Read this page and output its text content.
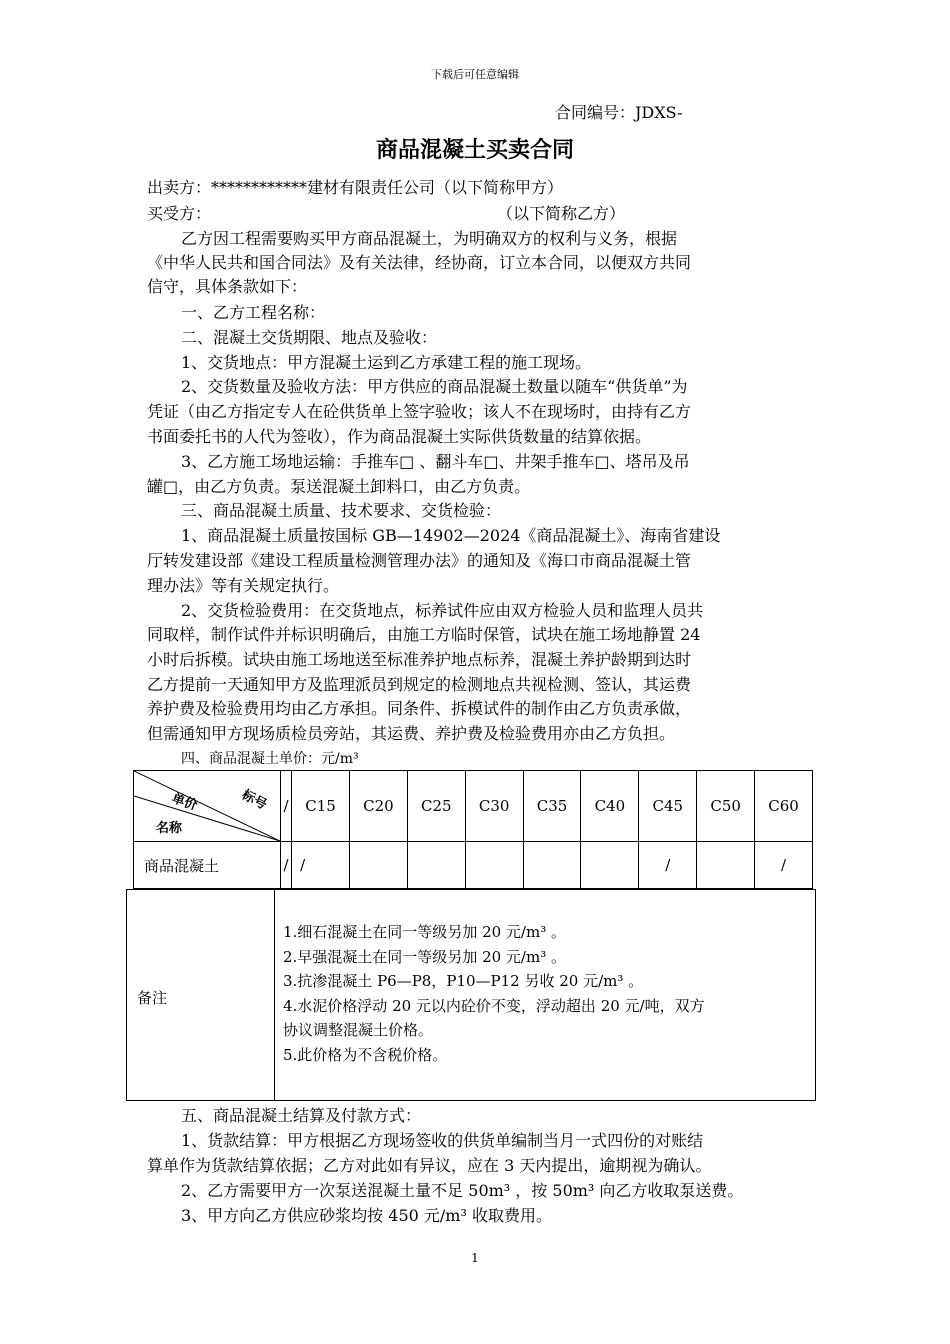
下载后可任意编辑
合同编号：JDXS-
商品混凝土买卖合同
出卖方：************建材有限责任公司（以下简称甲方）
买受方：	（以下简称乙方）
乙方因工程需要购买甲方商品混凝土，为明确双方的权利与义务，根据
《中华人民共和国合同法》及有关法律，经协商，订立本合同，以便双方共同
信守，具体条款如下：
一、乙方工程名称：
二、混凝土交货期限、地点及验收：
1、交货地点：甲方混凝土运到乙方承建工程的施工现场。
2、交货数量及验收方法：甲方供应的商品混凝土数量以随车“供货单”为
凭证（由乙方指定专人在砼供货单上签字验收；该人不在现场时，由持有乙方
书面委托书的人代为签收），作为商品混凝土实际供货数量的结算依据。
3、乙方施工场地运输：手推车□ 、翻斗车□、井架手推车□、塔吊及吊
罐□，由乙方负责。泵送混凝土卸料口，由乙方负责。
三、商品混凝土质量、技术要求、交货检验：
1、商品混凝土质量按国标 GB—14902—2024《商品混凝土》、海南省建设
厅转发建设部《建设工程质量检测管理办法》的通知及《海口市商品混凝土管
理办法》等有关规定执行。
2、交货检验费用：在交货地点，标养试件应由双方检验人员和监理人员共
同取样，制作试件并标识明确后，由施工方临时保管，试块在施工场地静置 24
小时后拆模。试块由施工场地送至标准养护地点标养，混凝土养护龄期到达时
乙方提前一天通知甲方及监理派员到规定的检测地点共视检测、签认，其运费
养护费及检验费用均由乙方承担。同条件、拆模试件的制作由乙方负责承做，
但需通知甲方现场质检员旁站，其运费、养护费及检验费用亦由乙方负担。
四、商品混凝土单价：元/m³
单价 标号
名称	/	C15	C20	C25	C30	C35	C40	C45	C50	C60
商品混凝土	/	/						/		/
备注
1.细石混凝土在同一等级另加 20 元/m³ 。
2.早强混凝土在同一等级另加 20 元/m³ 。
3.抗渗混凝土 P6—P8，P10—P12 另收 20 元/m³ 。
4.水泥价格浮动 20 元以内砼价不变，浮动超出 20 元/吨，双方
协议调整混凝土价格。
5.此价格为不含税价格。
五、商品混凝土结算及付款方式：
1、货款结算：甲方根据乙方现场签收的供货单编制当月一式四份的对账结
算单作为货款结算依据；乙方对此如有异议，应在 3 天内提出，逾期视为确认。
2、乙方需要甲方一次泵送混凝土量不足 50m³ ，按 50m³ 向乙方收取泵送费。
3、甲方向乙方供应砂浆均按 450 元/m³ 收取费用。
1
